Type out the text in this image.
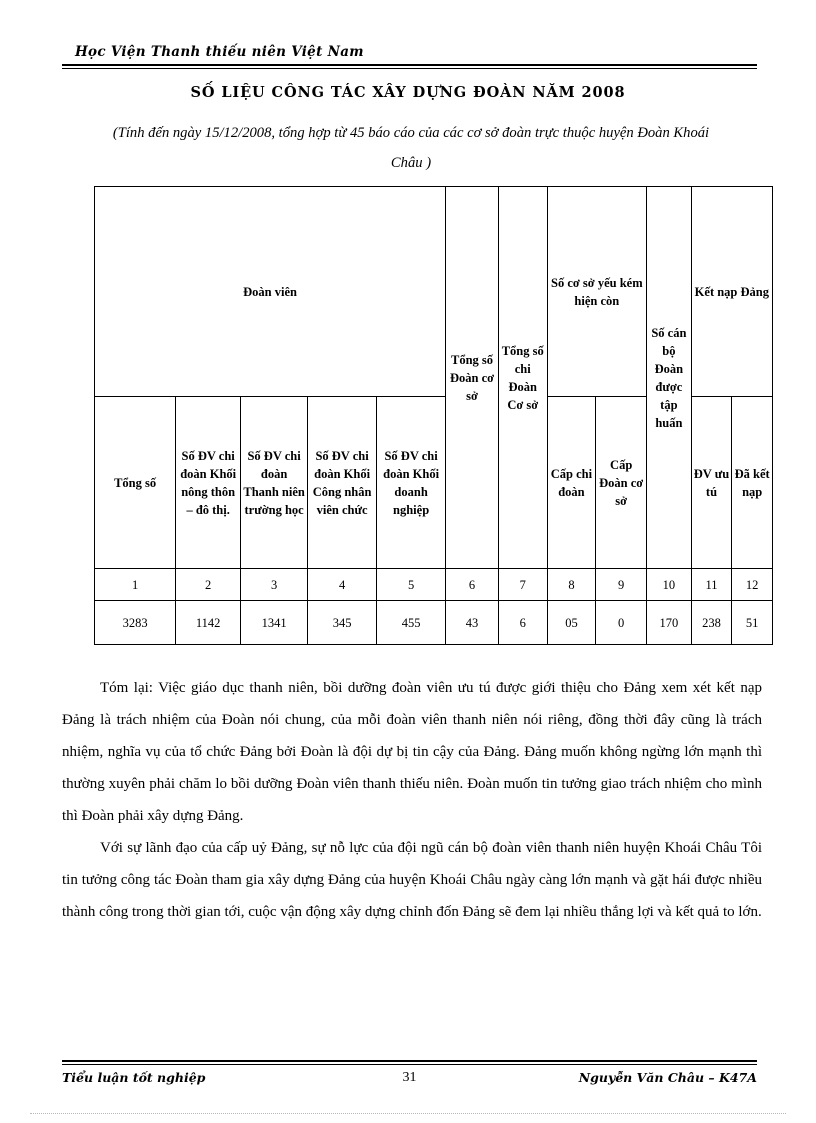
Học Viện Thanh thiếu niên Việt Nam
SỐ LIỆU CÔNG TÁC XÂY DỰNG ĐOÀN NĂM 2008
(Tính đến ngày 15/12/2008, tổng hợp từ 45 báo cáo của các cơ sở đoàn trực thuộc huyện Đoàn Khoái Châu )
Đoàn viên					Tổng số Đoàn cơ sở	Tổng số chi Đoàn Cơ sở	Số cơ sở yếu kém hiện còn		Số cán bộ Đoàn được tập huấn	Kết nạp Đảng	
Tổng số	Số ĐV chi đoàn Khối nông thôn – đô thị.	Số ĐV chi đoàn Thanh niên trường học	Số ĐV chi đoàn Khối Công nhân viên chức	Số ĐV chi đoàn Khối doanh nghiệp			Cấp chi đoàn	Cấp Đoàn cơ sở		ĐV ưu tú	Đã kết nạp
1	2	3	4	5	6	7	8	9	10	11	12
3283	1142	1341	345	455	43	6	05	0	170	238	51

Tóm lại: Việc giáo dục thanh niên, bồi dưỡng đoàn viên ưu tú được giới thiệu cho Đảng xem xét kết nạp Đảng là trách nhiệm của Đoàn nói chung, của mỗi đoàn viên thanh niên nói riêng, đồng thời đây cũng là trách nhiệm, nghĩa vụ của tổ chức Đảng bởi Đoàn là đội dự bị tin cậy của Đảng. Đảng muốn không ngừng lớn mạnh thì thường xuyên phải chăm lo bồi dưỡng Đoàn viên thanh thiếu niên. Đoàn muốn tin tưởng giao trách nhiệm cho mình thì Đoàn phải xây dựng Đảng.

Với sự lãnh đạo của cấp uỷ Đảng, sự nỗ lực của đội ngũ cán bộ đoàn viên thanh niên huyện Khoái Châu Tôi tin tưởng công tác Đoàn tham gia xây dựng Đảng của huyện Khoái Châu ngày càng lớn mạnh và gặt hái được nhiều thành công trong thời gian tới, cuộc vận động xây dựng chỉnh đốn Đảng sẽ đem lại nhiều thắng lợi và kết quả to lớn.

Tiểu luận tốt nghiệp	31	Nguyễn Văn Châu – K47A
